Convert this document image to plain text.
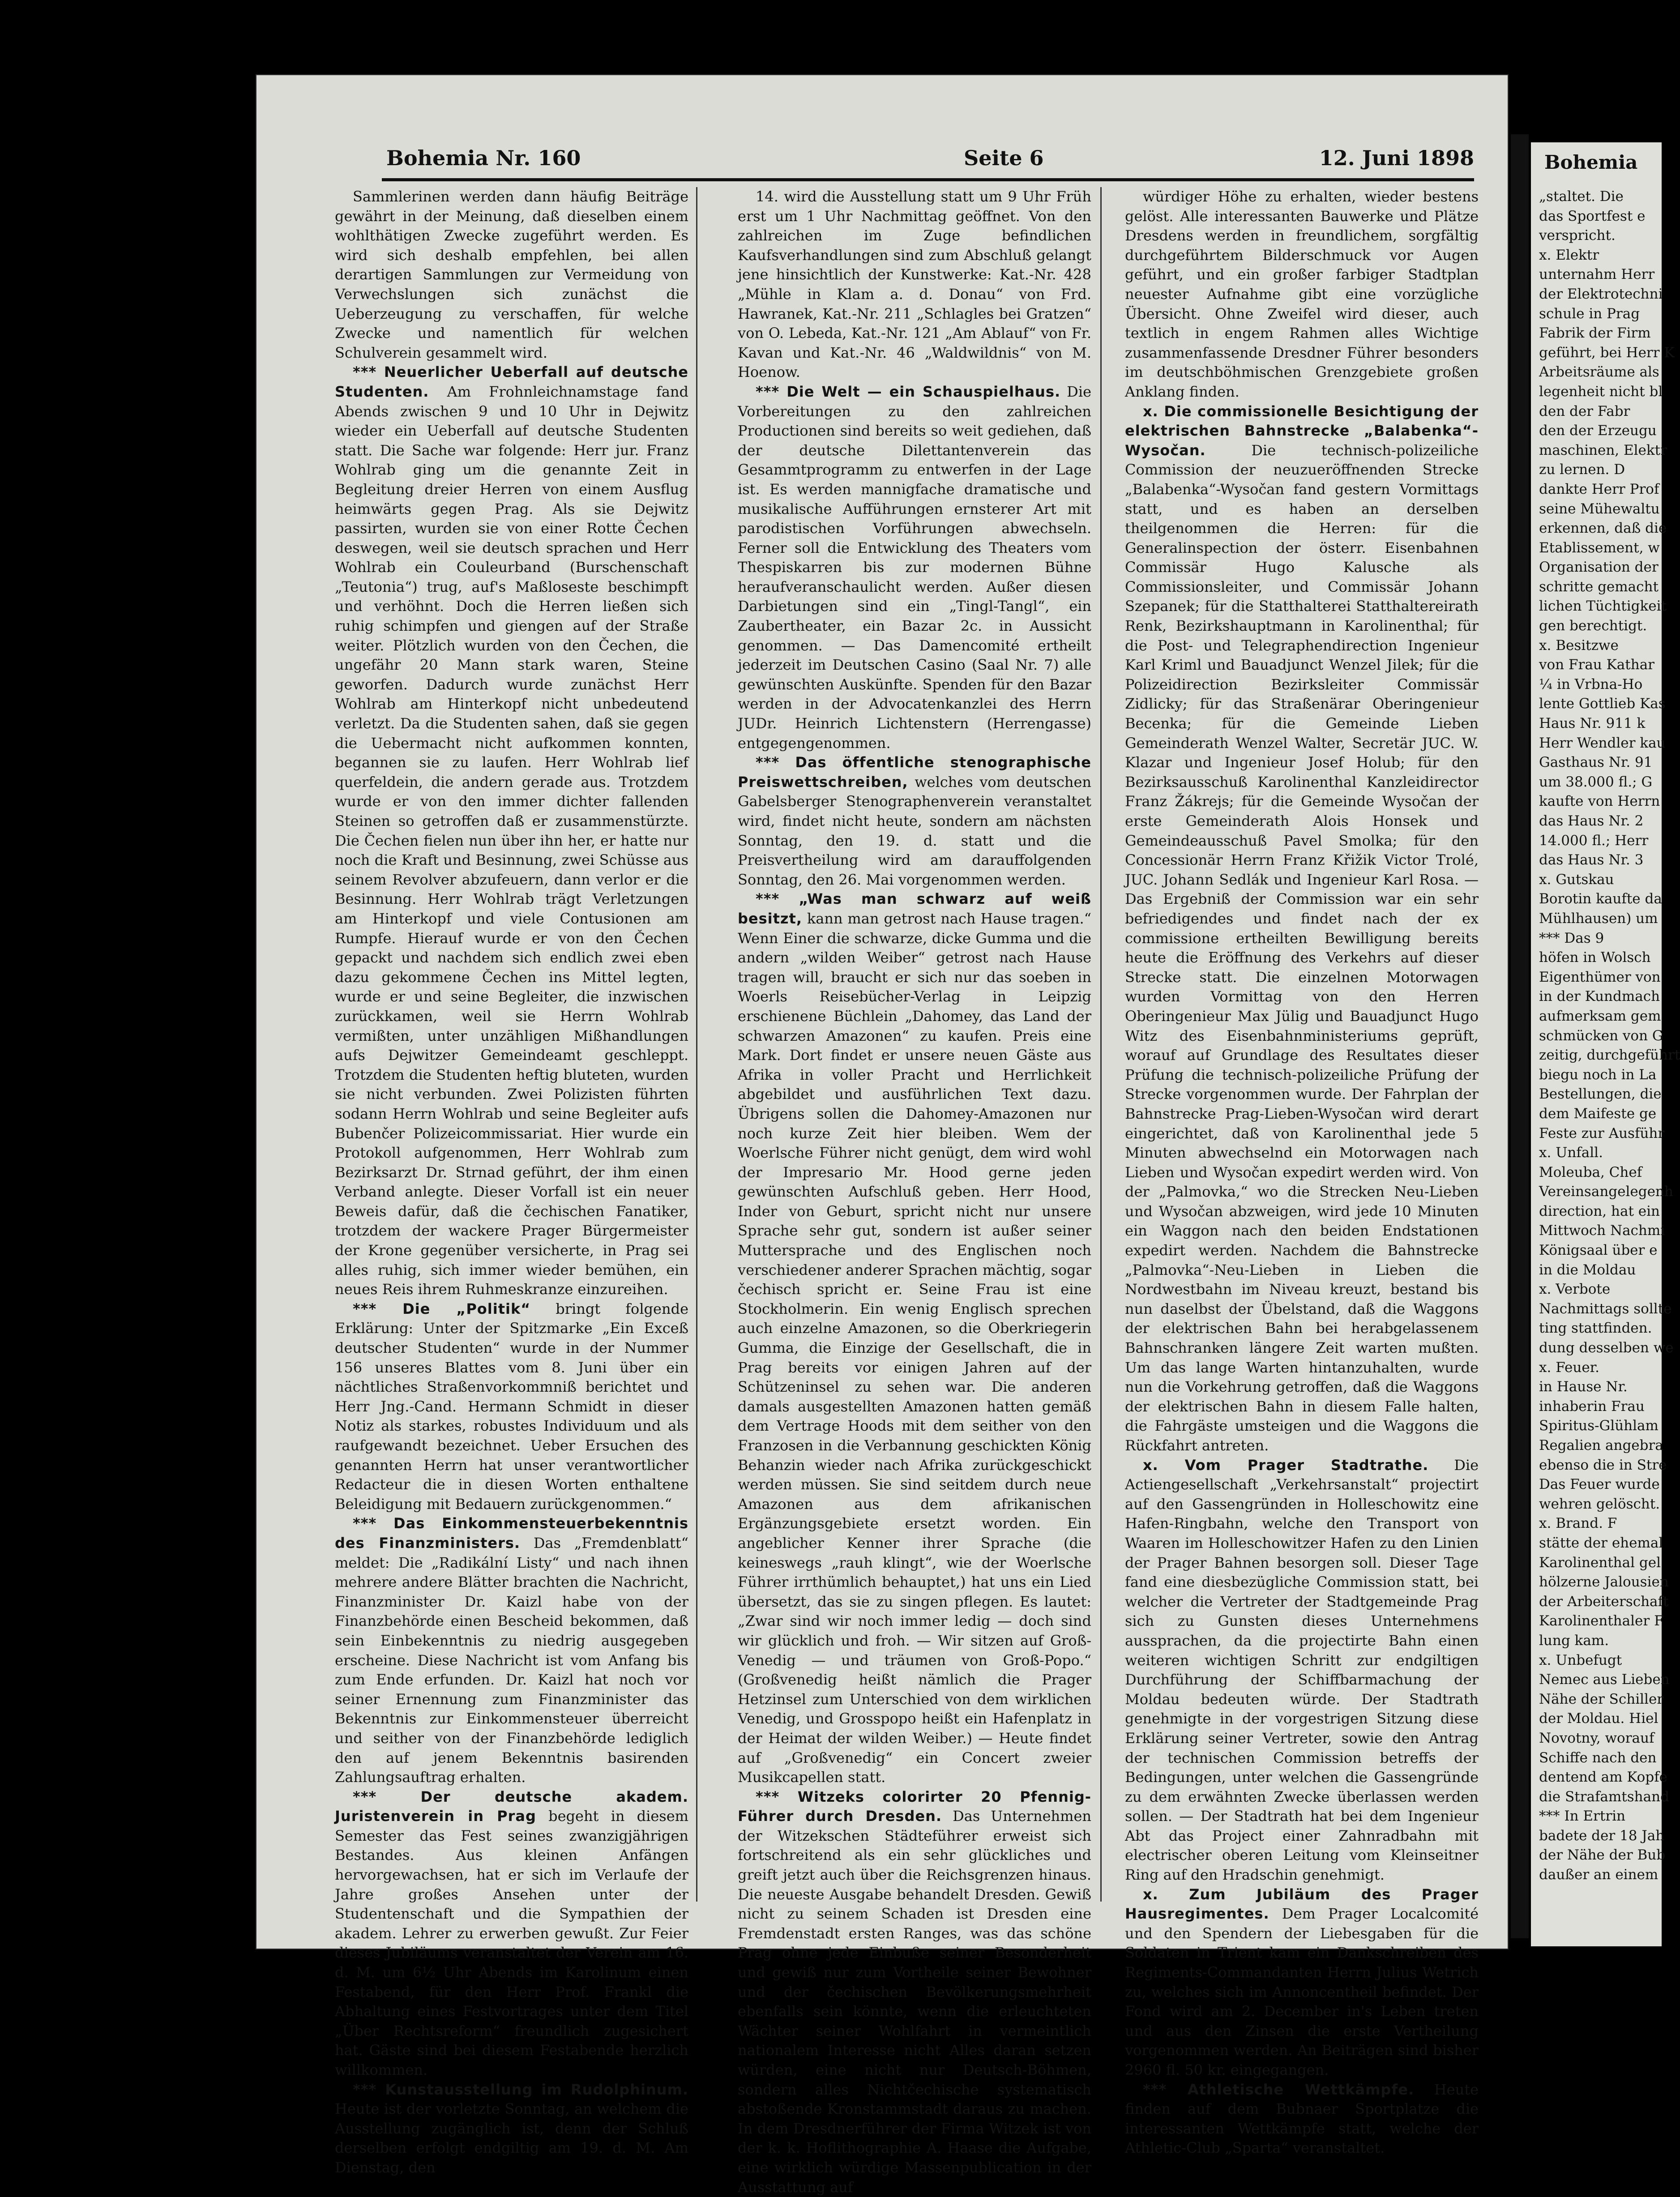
Bohemia Nr. 160	Seite 6	12. Juni 1898

Sammlerinen werden dann häufig Beiträge gewährt in der Meinung, daß dieselben einem wohlthätigen Zwecke zugeführt werden. Es wird sich deshalb empfehlen, bei allen derartigen Sammlungen zur Vermeidung von Verwechslungen sich zunächst die Ueberzeugung zu verschaffen, für welche Zwecke und namentlich für welchen Schulverein gesammelt wird.

*** Neuerlicher Ueberfall auf deutsche Studenten. Am Frohnleichnamstage fand Abends zwischen 9 und 10 Uhr in Dejwitz wieder ein Ueberfall auf deutsche Studenten statt. Die Sache war folgende: Herr jur. Franz Wohlrab ging um die genannte Zeit in Begleitung dreier Herren von einem Ausflug heimwärts gegen Prag. Als sie Dejwitz passirten, wurden sie von einer Rotte Čechen deswegen, weil sie deutsch sprachen und Herr Wohlrab ein Couleurband (Burschenschaft „Teutonia“) trug, auf's Maßloseste beschimpft und verhöhnt. Doch die Herren ließen sich ruhig schimpfen und giengen auf der Straße weiter. Plötzlich wurden von den Čechen, die ungefähr 20 Mann stark waren, Steine geworfen. Dadurch wurde zunächst Herr Wohlrab am Hinterkopf nicht unbedeutend verletzt. Da die Studenten sahen, daß sie gegen die Uebermacht nicht aufkommen konnten, begannen sie zu laufen. Herr Wohlrab lief querfeldein, die andern gerade aus. Trotzdem wurde er von den immer dichter fallenden Steinen so getroffen daß er zusammenstürzte. Die Čechen fielen nun über ihn her, er hatte nur noch die Kraft und Besinnung, zwei Schüsse aus seinem Revolver abzufeuern, dann verlor er die Besinnung. Herr Wohlrab trägt Verletzungen am Hinterkopf und viele Contusionen am Rumpfe. Hierauf wurde er von den Čechen gepackt und nachdem sich endlich zwei eben dazu gekommene Čechen ins Mittel legten, wurde er und seine Begleiter, die inzwischen zurückkamen, weil sie Herrn Wohlrab vermißten, unter unzähligen Mißhandlungen aufs Dejwitzer Gemeindeamt geschleppt. Trotzdem die Studenten heftig bluteten, wurden sie nicht verbunden. Zwei Polizisten führten sodann Herrn Wohlrab und seine Begleiter aufs Bubenčer Polizeicommissariat. Hier wurde ein Protokoll aufgenommen, Herr Wohlrab zum Bezirksarzt Dr. Strnad geführt, der ihm einen Verband anlegte. Dieser Vorfall ist ein neuer Beweis dafür, daß die čechischen Fanatiker, trotzdem der wackere Prager Bürgermeister der Krone gegenüber versicherte, in Prag sei alles ruhig, sich immer wieder bemühen, ein neues Reis ihrem Ruhmeskranze einzureihen.

*** Die „Politik“ bringt folgende Erklärung: Unter der Spitzmarke „Ein Exceß deutscher Studenten“ wurde in der Nummer 156 unseres Blattes vom 8. Juni über ein nächtliches Straßenvorkommniß berichtet und Herr Jng.-Cand. Hermann Schmidt in dieser Notiz als starkes, robustes Individuum und als raufgewandt bezeichnet. Ueber Ersuchen des genannten Herrn hat unser verantwortlicher Redacteur die in diesen Worten enthaltene Beleidigung mit Bedauern zurückgenommen.“

*** Das Einkommensteuerbekenntnis des Finanzministers. Das „Fremdenblatt“ meldet: Die „Radikální Listy“ und nach ihnen mehrere andere Blätter brachten die Nachricht, Finanzminister Dr. Kaizl habe von der Finanzbehörde einen Bescheid bekommen, daß sein Einbekenntnis zu niedrig ausgegeben erscheine. Diese Nachricht ist vom Anfang bis zum Ende erfunden. Dr. Kaizl hat noch vor seiner Ernennung zum Finanzminister das Bekenntnis zur Einkommensteuer überreicht und seither von der Finanzbehörde lediglich den auf jenem Bekenntnis basirenden Zahlungsauftrag erhalten.

*** Der deutsche akadem. Juristenverein in Prag begeht in diesem Semester das Fest seines zwanzigjährigen Bestandes. Aus kleinen Anfängen hervorgewachsen, hat er sich im Verlaufe der Jahre großes Ansehen unter der Studentenschaft und die Sympathien der akadem. Lehrer zu erwerben gewußt. Zur Feier dieses Jubiläums veranstaltet der Verein am 16. d. M. um 6½ Uhr Abends im Karolinum einen Festabend, für den Herr Prof. Frankl die Abhaltung eines Festvortrages unter dem Titel „Über Rechtsreform“ freundlich zugesichert hat. Gäste sind bei diesem Festabende herzlich willkommen.

*** Kunstausstellung im Rudolphinum. Heute ist der vorletzte Sonntag, an welchem die Ausstellung zugänglich ist, denn der Schluß derselben erfolgt endgiltig am 19. d. M. Am Dienstag, den

14. wird die Ausstellung statt um 9 Uhr Früh erst um 1 Uhr Nachmittag geöffnet. Von den zahlreichen im Zuge befindlichen Kaufsverhandlungen sind zum Abschluß gelangt jene hinsichtlich der Kunstwerke: Kat.-Nr. 428 „Mühle in Klam a. d. Donau“ von Frd. Hawranek, Kat.-Nr. 211 „Schlagles bei Gratzen“ von O. Lebeda, Kat.-Nr. 121 „Am Ablauf“ von Fr. Kavan und Kat.-Nr. 46 „Waldwildnis“ von M. Hoenow.

*** Die Welt — ein Schauspielhaus. Die Vorbereitungen zu den zahlreichen Productionen sind bereits so weit gediehen, daß der deutsche Dilettantenverein das Gesammtprogramm zu entwerfen in der Lage ist. Es werden mannigfache dramatische und musikalische Aufführungen ernsterer Art mit parodistischen Vorführungen abwechseln. Ferner soll die Entwicklung des Theaters vom Thespiskarren bis zur modernen Bühne heraufveranschaulicht werden. Außer diesen Darbietungen sind ein „Tingl-Tangl“, ein Zaubertheater, ein Bazar 2c. in Aussicht genommen. — Das Damencomité ertheilt jederzeit im Deutschen Casino (Saal Nr. 7) alle gewünschten Auskünfte. Spenden für den Bazar werden in der Advocatenkanzlei des Herrn JUDr. Heinrich Lichtenstern (Herrengasse) entgegengenommen.

*** Das öffentliche stenographische Preiswettschreiben, welches vom deutschen Gabelsberger Stenographenverein veranstaltet wird, findet nicht heute, sondern am nächsten Sonntag, den 19. d. statt und die Preisvertheilung wird am darauffolgenden Sonntag, den 26. Mai vorgenommen werden.

*** „Was man schwarz auf weiß besitzt, kann man getrost nach Hause tragen.“ Wenn Einer die schwarze, dicke Gumma und die andern „wilden Weiber“ getrost nach Hause tragen will, braucht er sich nur das soeben in Woerls Reisebücher-Verlag in Leipzig erschienene Büchlein „Dahomey, das Land der schwarzen Amazonen“ zu kaufen. Preis eine Mark. Dort findet er unsere neuen Gäste aus Afrika in voller Pracht und Herrlichkeit abgebildet und ausführlichen Text dazu. Übrigens sollen die Dahomey-Amazonen nur noch kurze Zeit hier bleiben. Wem der Woerlsche Führer nicht genügt, dem wird wohl der Impresario Mr. Hood gerne jeden gewünschten Aufschluß geben. Herr Hood, Inder von Geburt, spricht nicht nur unsere Sprache sehr gut, sondern ist außer seiner Muttersprache und des Englischen noch verschiedener anderer Sprachen mächtig, sogar čechisch spricht er. Seine Frau ist eine Stockholmerin. Ein wenig Englisch sprechen auch einzelne Amazonen, so die Oberkriegerin Gumma, die Einzige der Gesellschaft, die in Prag bereits vor einigen Jahren auf der Schützeninsel zu sehen war. Die anderen damals ausgestellten Amazonen hatten gemäß dem Vertrage Hoods mit dem seither von den Franzosen in die Verbannung geschickten König Behanzin wieder nach Afrika zurückgeschickt werden müssen. Sie sind seitdem durch neue Amazonen aus dem afrikanischen Ergänzungsgebiete ersetzt worden. Ein angeblicher Kenner ihrer Sprache (die keineswegs „rauh klingt“, wie der Woerlsche Führer irrthümlich behauptet,) hat uns ein Lied übersetzt, das sie zu singen pflegen. Es lautet: „Zwar sind wir noch immer ledig — doch sind wir glücklich und froh. — Wir sitzen auf Groß-Venedig — und träumen von Groß-Popo.“ (Großvenedig heißt nämlich die Prager Hetzinsel zum Unterschied von dem wirklichen Venedig, und Grosspopo heißt ein Hafenplatz in der Heimat der wilden Weiber.) — Heute findet auf „Großvenedig“ ein Concert zweier Musikcapellen statt.

*** Witzeks colorirter 20 Pfennig-Führer durch Dresden. Das Unternehmen der Witzekschen Städteführer erweist sich fortschreitend als ein sehr glückliches und greift jetzt auch über die Reichsgrenzen hinaus. Die neueste Ausgabe behandelt Dresden. Gewiß nicht zu seinem Schaden ist Dresden eine Fremdenstadt ersten Ranges, was das schöne Prag ohne jede Einbuße seiner Besonderheit und gewiß nur zum Vortheile seiner Bewohner und der čechischen Bevölkerungsmehrheit ebenfalls sein könnte, wenn die erleuchteten Wächter seiner Wohlfahrt in vermeintlich nationalem Interesse nicht Alles daran setzen würden, eine nicht nur Deutsch-Böhmen, sondern alles Nichtčechische systematisch abstoßende Kronstammstadt daraus zu machen. In dem Dresdnerführer der Firma Witzek ist von der k. k. Hoflithographie A. Haase die Aufgabe, eine wirklich würdige Massenpublication in der Ausstattung auf

würdiger Höhe zu erhalten, wieder bestens gelöst. Alle interessanten Bauwerke und Plätze Dresdens werden in freundlichem, sorgfältig durchgeführtem Bilderschmuck vor Augen geführt, und ein großer farbiger Stadtplan neuester Aufnahme gibt eine vorzügliche Übersicht. Ohne Zweifel wird dieser, auch textlich in engem Rahmen alles Wichtige zusammenfassende Dresdner Führer besonders im deutschböhmischen Grenzgebiete großen Anklang finden.

x. Die commissionelle Besichtigung der elektrischen Bahnstrecke „Balabenka“-Wysočan.	Die technisch-polizeiliche Commission der neuzueröffnenden Strecke „Balabenka“-Wysočan fand gestern Vormittags statt, und es haben an derselben theilgenommen die Herren: für die Generalinspection der österr. Eisenbahnen Commissär Hugo Kalusche als Commissionsleiter, und Commissär Johann Szepanek; für die Statthalterei Statthaltereirath Renk, Bezirkshauptmann in Karolinenthal; für die Post- und Telegraphendirection Ingenieur Karl Kriml und Bauadjunct Wenzel Jilek; für die Polizeidirection Bezirksleiter Commissär Zidlicky; für das Straßenärar Oberingenieur Becenka; für die Gemeinde Lieben Gemeinderath Wenzel Walter, Secretär JUC. W. Klazar und Ingenieur Josef Holub; für den Bezirksausschuß Karolinenthal Kanzleidirector Franz Žákrejs; für die Gemeinde Wysočan der erste Gemeinderath Alois Honsek und Gemeindeausschuß Pavel Smolka; für den Concessionär Herrn Franz Křižik Victor Trolé, JUC. Johann Sedlák und Ingenieur Karl Rosa. — Das Ergebniß der Commission war ein sehr befriedigendes und findet nach der ex commissione ertheilten Bewilligung bereits heute die Eröffnung des Verkehrs auf dieser Strecke statt. Die einzelnen Motorwagen wurden Vormittag von den Herren Oberingenieur Max Jülig und Bauadjunct Hugo Witz des Eisenbahnministeriums geprüft, worauf auf Grundlage des Resultates dieser Prüfung die technisch-polizeiliche Prüfung der Strecke vorgenommen wurde. Der Fahrplan der Bahnstrecke Prag-Lieben-Wysočan wird derart eingerichtet, daß von Karolinenthal jede 5 Minuten abwechselnd ein Motorwagen nach Lieben und Wysočan expedirt werden wird. Von der „Palmovka,“ wo die Strecken Neu-Lieben und Wysočan abzweigen, wird jede 10 Minuten ein Waggon nach den beiden Endstationen expedirt werden. Nachdem die Bahnstrecke „Palmovka“-Neu-Lieben in Lieben die Nordwestbahn im Niveau kreuzt, bestand bis nun daselbst der Übelstand, daß die Waggons der elektrischen Bahn bei herabgelassenem Bahnschranken längere Zeit warten mußten. Um das lange Warten hintanzuhalten, wurde nun die Vorkehrung getroffen, daß die Waggons der elektrischen Bahn in diesem Falle halten, die Fahrgäste umsteigen und die Waggons die Rückfahrt antreten.

x. Vom Prager Stadtrathe. Die Actiengesellschaft „Verkehrsanstalt“ projectirt auf den Gassengründen in Holleschowitz eine Hafen-Ringbahn, welche den Transport von Waaren im Holleschowitzer Hafen zu den Linien der Prager Bahnen besorgen soll. Dieser Tage fand eine diesbezügliche Commission statt, bei welcher die Vertreter der Stadtgemeinde Prag sich zu Gunsten dieses Unternehmens aussprachen, da die projectirte Bahn einen weiteren wichtigen Schritt zur endgiltigen Durchführung der Schiffbarmachung der Moldau bedeuten würde. Der Stadtrath genehmigte in der vorgestrigen Sitzung diese Erklärung seiner Vertreter, sowie den Antrag der technischen Commission betreffs der Bedingungen, unter welchen die Gassengründe zu dem erwähnten Zwecke überlassen werden sollen. — Der Stadtrath hat bei dem Ingenieur Abt das Project einer Zahnradbahn mit electrischer oberen Leitung vom Kleinseitner Ring auf den Hradschin genehmigt.

x. Zum Jubiläum des Prager Hausregimentes. Dem Prager Localcomité und den Spendern der Liebesgaben für die Soldaten in Trient kam ein Dankschreiben des Regiments-Commandanten Herrn Julius Wetrich zu, welches sich im Annoncentheil befindet. Der Fond wird am 2. December in's Leben treten und aus den Zinsen die erste Vertheilung vorgenommen werden. An Beiträgen sind bisher 2960 fl. 50 kr. eingegangen.

*** Athletische Wettkämpfe. Heute finden auf dem Bubnaer Sportplatze die interessanten Wettkämpfe statt, welche der Athletic-Club „Sparta“ veranstaltet.

Bohemia
„staltet. Die
das Sportfest e
verspricht.
x. Elektr
unternahm Herr
der Elektrotechni
schule in Prag
Fabrik der Firm
geführt, bei Herr K
Arbeitsräume als
legenheit nicht bl
den der Fabr
den der Erzeugu
maschinen, Elektr
zu lernen. D
dankte Herr Prof
seine Mühewaltu
erkennen, daß die
Etablissement, w
Organisation der
schritte gemacht
lichen Tüchtigkeit
gen berechtigt.
x. Besitzwe
von Frau Kathar
¼ in Vrbna-Ho
lente Gottlieb Kas
Haus Nr. 911 k
Herr Wendler kau
Gasthaus Nr. 91
um 38.000 fl.; G
kaufte von Herrn
das Haus Nr. 2
14.000 fl.; Herr
das Haus Nr. 3
x. Gutskau
Borotin kaufte da
Mühlhausen) um
*** Das 9
höfen in Wolsch
Eigenthümer von
in der Kundmach
aufmerksam gem
schmücken von G
zeitig, durchgeführt
biegu noch in La
Bestellungen, die
dem Maifeste ge
Feste zur Ausführ
x. Unfall.
Moleuba, Chef
Vereinsangelegenh
direction, hat ein
Mittwoch Nachmi
Königsaal über e
in die Moldau
x. Verbote
Nachmittags sollte
ting stattfinden.
dung desselben we
x. Feuer.
in Hause Nr.
inhaberin Frau
Spiritus-Glühlam
Regalien angebra
ebenso die in Stre
Das Feuer wurde
wehren gelöscht.
x. Brand. F
stätte der ehemal
Karolinenthal gel
hölzerne Jalousien
der Arbeiterschaft
Karolinenthaler F
lung kam.
x. Unbefugt
Nemec aus Lieben
Nähe der Schiller
der Moldau. Hiel
Novotny, worauf
Schiffe nach den
dentend am Kopfe
die Strafamtshand
*** In Ertrin
badete der 18 Jah
der Nähe der Bub
daußer an einem
